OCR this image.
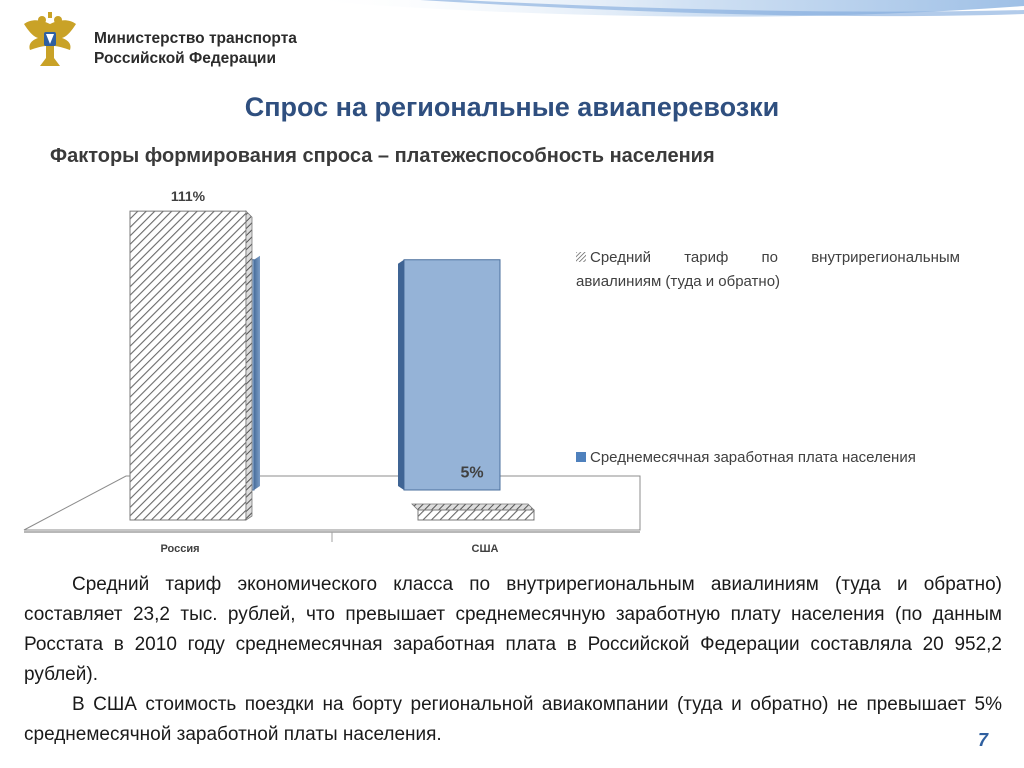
Министерство транспорта
Российской Федерации
Спрос на региональные авиаперевозки
Факторы формирования спроса – платежеспособность населения
111%
5%
Россия	США
Средний тариф по внутрирегиональным авиалиниям (туда и обратно)
Среднемесячная заработная плата населения

Средний тариф экономического класса по внутрирегиональным авиалиниям (туда и обратно) составляет 23,2 тыс. рублей, что превышает среднемесячную заработную плату населения (по данным Росстата в 2010 году среднемесячная заработная плата в Российской Федерации составляла 20 952,2 рублей).

В США стоимость поездки на борту региональной авиакомпании (туда и обратно) не превышает 5% среднемесячной заработной платы населения.	7
